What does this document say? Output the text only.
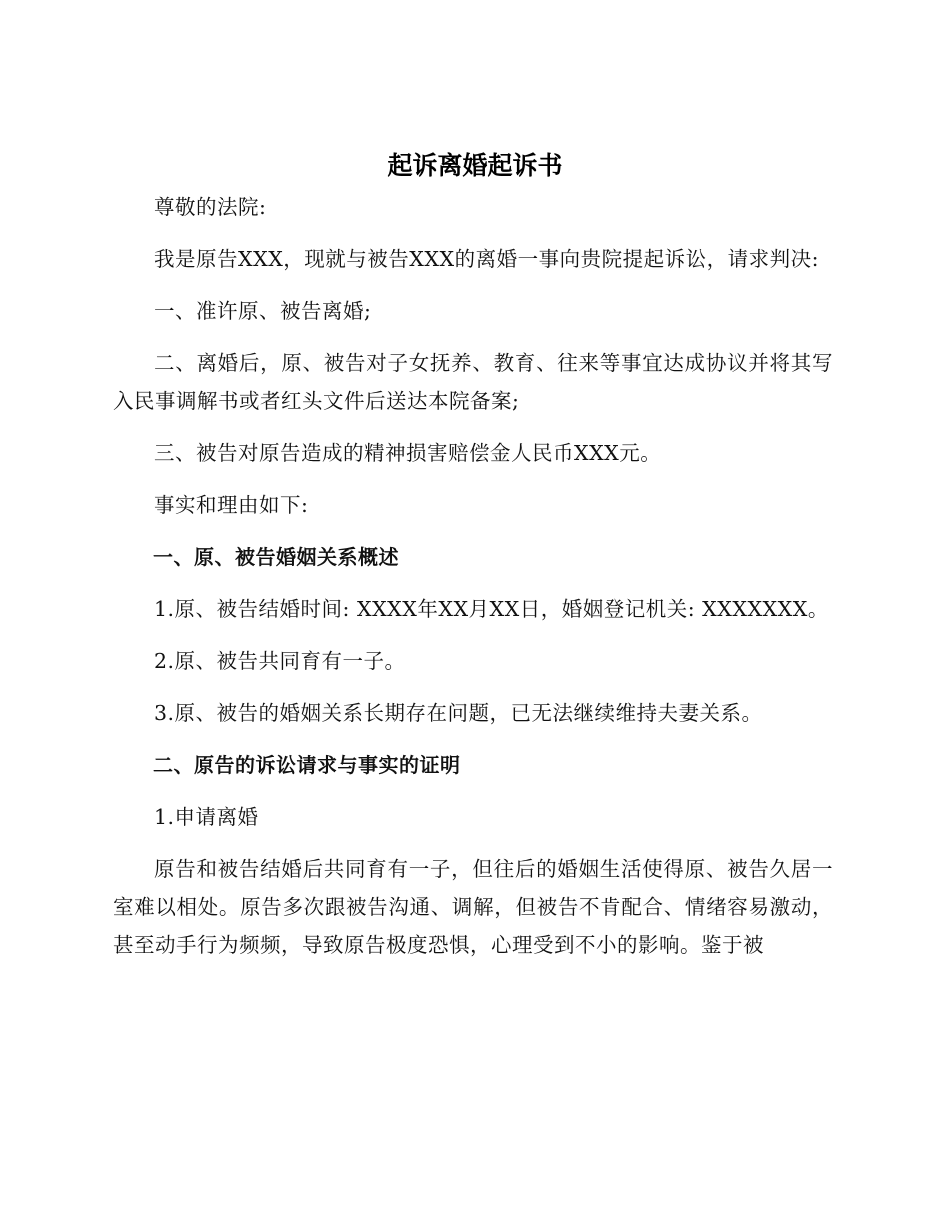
起诉离婚起诉书

尊敬的法院:

我是原告XXX，现就与被告XXX的离婚一事向贵院提起诉讼，请求判决:

一、准许原、被告离婚;

二、离婚后，原、被告对子女抚养、教育、往来等事宜达成协议并将其写入民事调解书或者红头文件后送达本院备案;

三、被告对原告造成的精神损害赔偿金人民币XXX元。

事实和理由如下:

一、原、被告婚姻关系概述

1.原、被告结婚时间: XXXX年XX月XX日，婚姻登记机关: XXXXXXX。

2.原、被告共同育有一子。

3.原、被告的婚姻关系长期存在问题，已无法继续维持夫妻关系。

二、原告的诉讼请求与事实的证明

1.申请离婚

原告和被告结婚后共同育有一子，但往后的婚姻生活使得原、被告久居一室难以相处。原告多次跟被告沟通、调解，但被告不肯配合、情绪容易激动，甚至动手行为频频，导致原告极度恐惧，心理受到不小的影响。鉴于被
